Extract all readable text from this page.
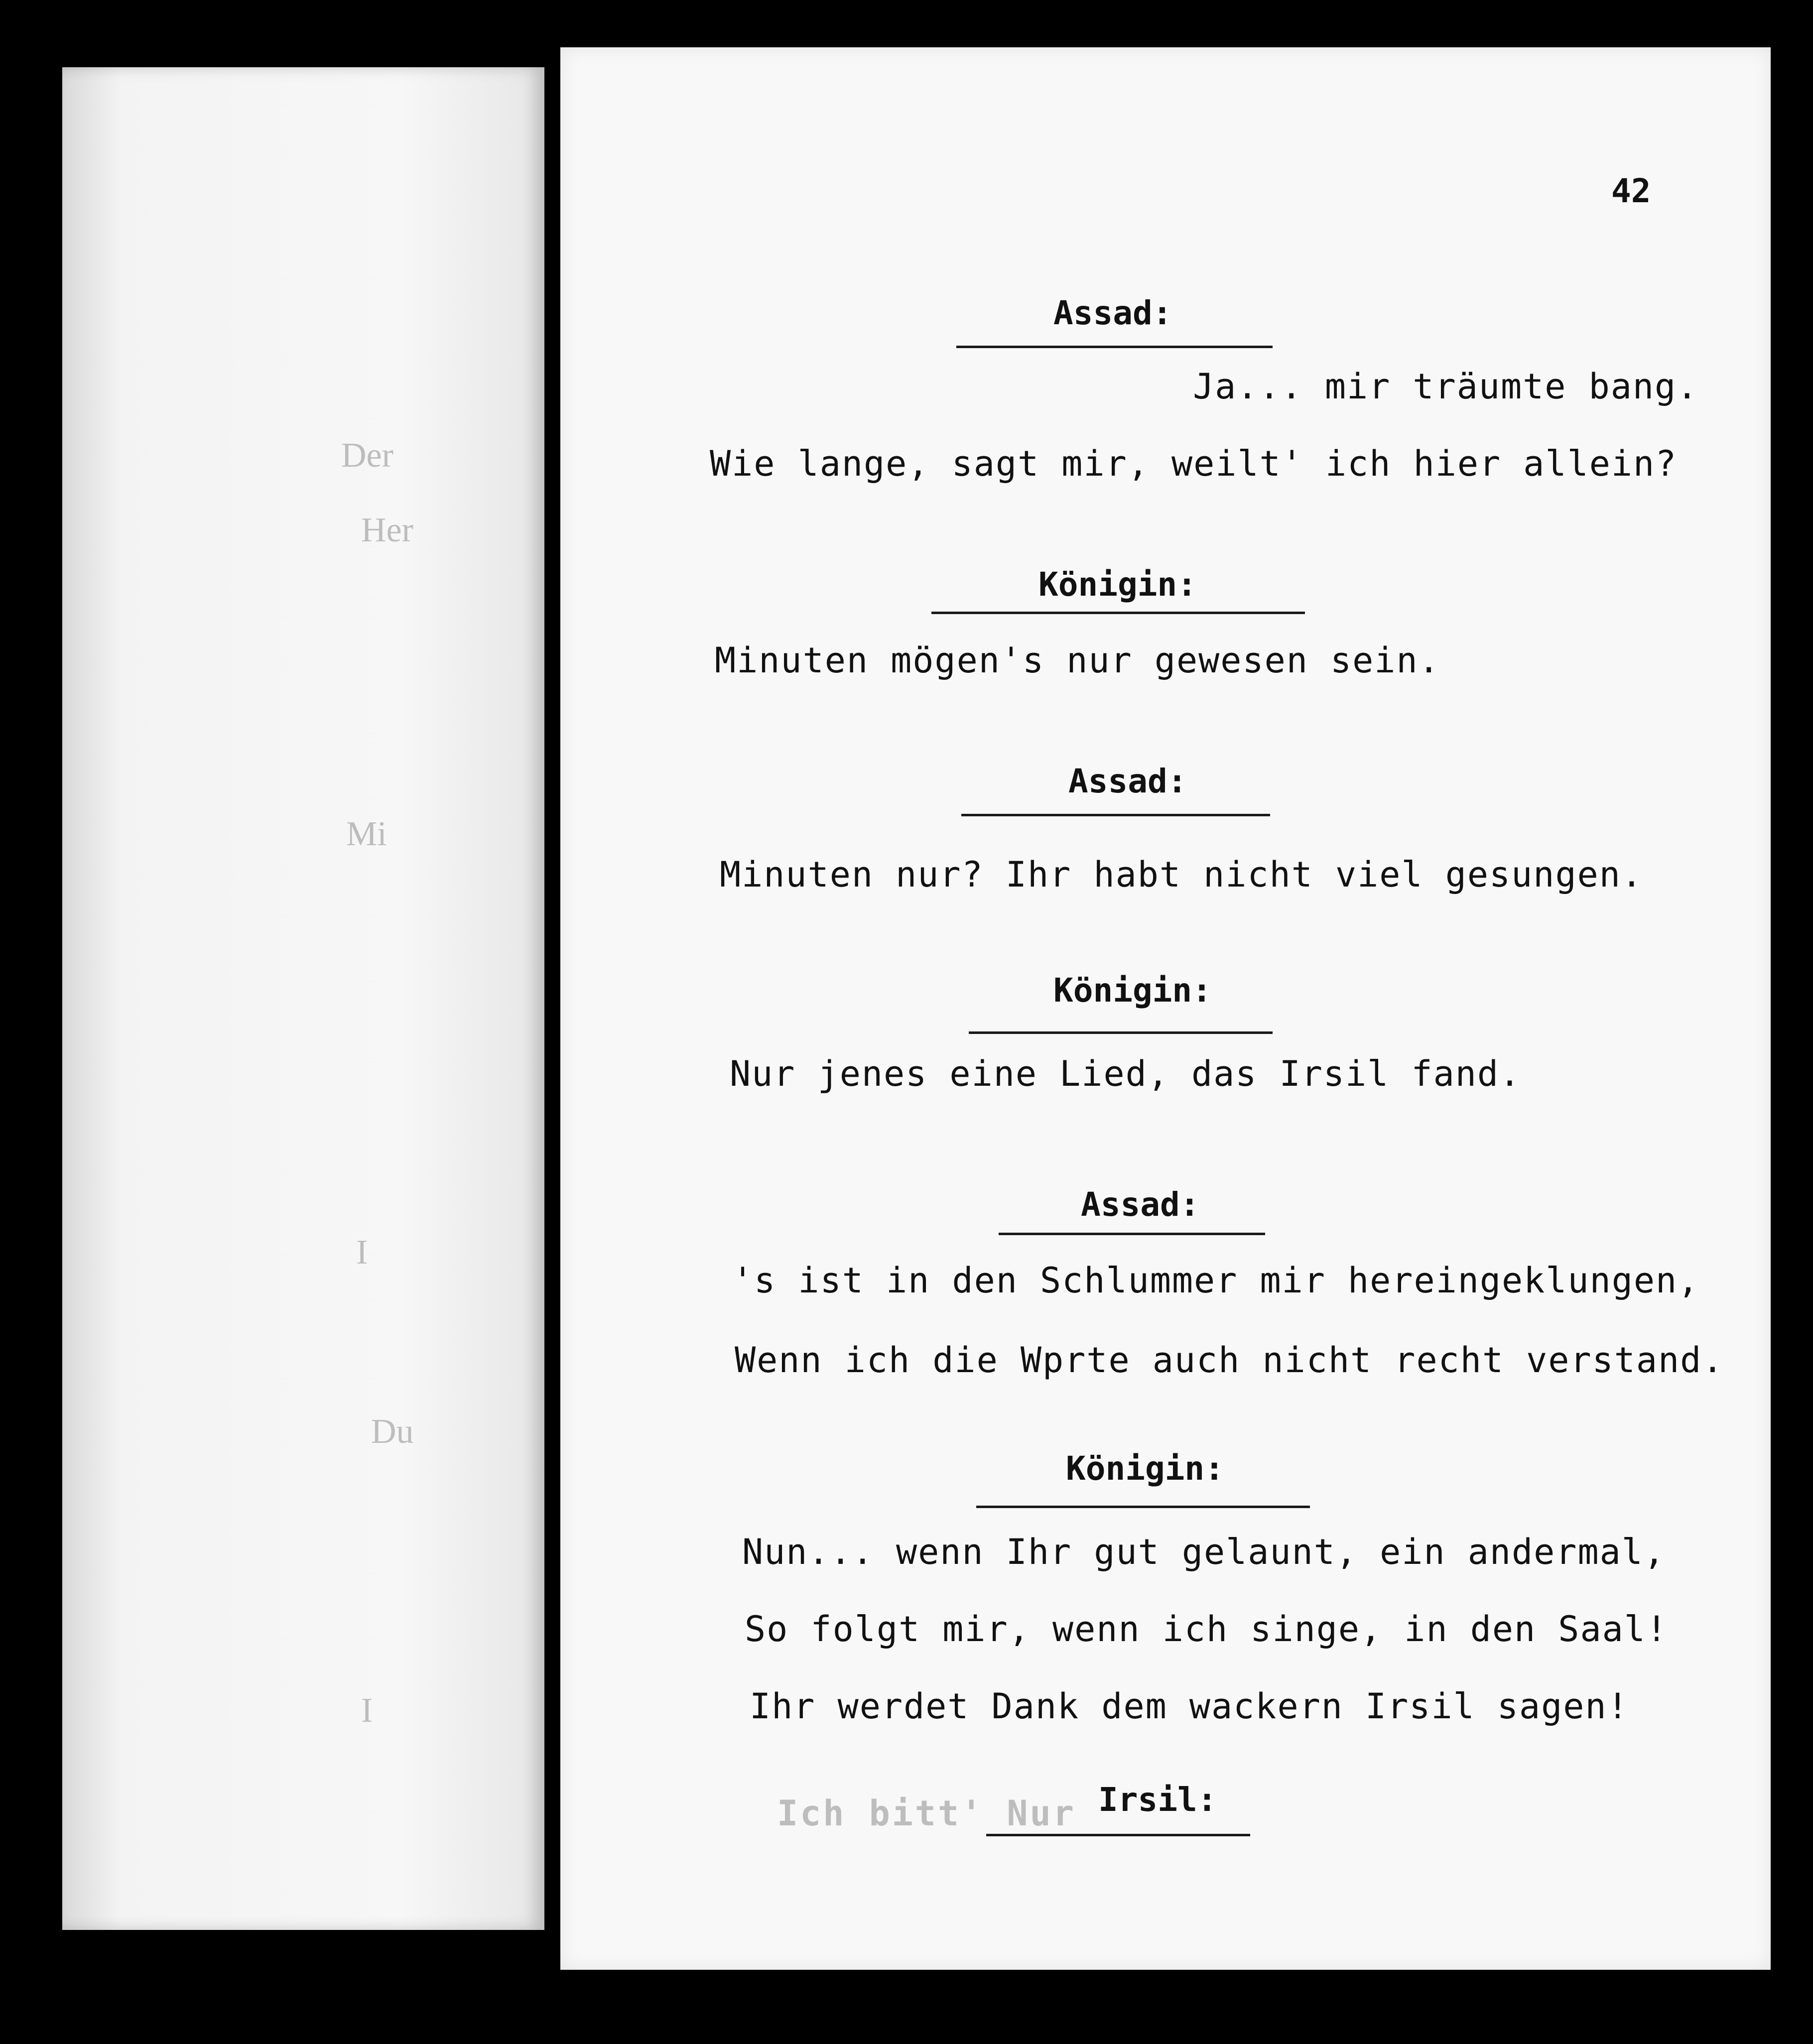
Der
Her
Mi
I
Du
I
42
Assad:
Ja... mir träumte bang.
Wie lange, sagt mir, weilt' ich hier allein?
Königin:
Minuten mögen's nur gewesen sein.
Assad:
Minuten nur? Ihr habt nicht viel gesungen.
Königin:
Nur jenes eine Lied, das Irsil fand.
Assad:
's ist in den Schlummer mir hereingeklungen,
Wenn ich die Wprte auch nicht recht verstand.
Königin:
Nun... wenn Ihr gut gelaunt, ein andermal,
So folgt mir, wenn ich singe, in den Saal!
Ihr werdet Dank dem wackern Irsil sagen!
Ich bitt' Nur Irsil:
